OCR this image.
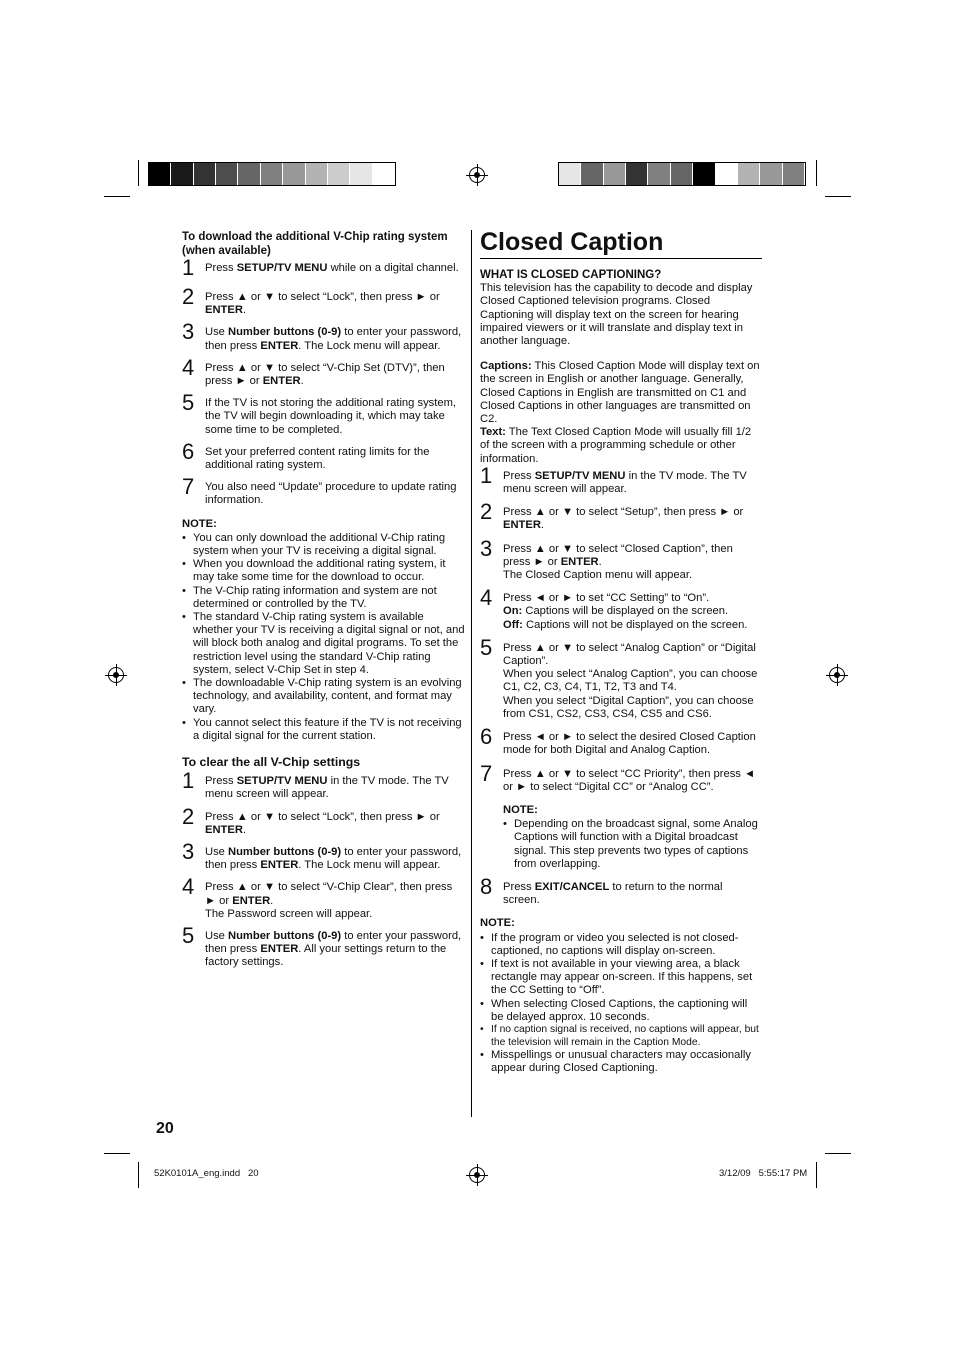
To download the additional V-Chip rating system (when available)
1 Press SETUP/TV MENU while on a digital channel.

2 Press ▲ or ▼ to select “Lock”, then press ► or ENTER.

3 Use Number buttons (0-9) to enter your password, then press ENTER. The Lock menu will appear.

4 Press ▲ or ▼ to select “V-Chip Set (DTV)”, then press ► or ENTER.

5 If the TV is not storing the additional rating system, the TV will begin downloading it, which may take some time to be completed.

6 Set your preferred content rating limits for the additional rating system.

7 You also need “Update” procedure to update rating information.

NOTE:
• You can only download the additional V-Chip rating system when your TV is receiving a digital signal.
• When you download the additional rating system, it may take some time for the download to occur.
• The V-Chip rating information and system are not determined or controlled by the TV.
• The standard V-Chip rating system is available whether your TV is receiving a digital signal or not, and will block both analog and digital programs. To set the restriction level using the standard V-Chip rating system, select V-Chip Set in step 4.
• The downloadable V-Chip rating system is an evolving technology, and availability, content, and format may vary.
• You cannot select this feature if the TV is not receiving a digital signal for the current station.
To clear the all V-Chip settings
1 Press SETUP/TV MENU in the TV mode. The TV menu screen will appear.

2 Press ▲ or ▼ to select “Lock”, then press ► or ENTER.

3 Use Number buttons (0-9) to enter your password, then press ENTER. The Lock menu will appear.

4 Press ▲ or ▼ to select “V-Chip Clear”, then press ► or ENTER.
The Password screen will appear.

5 Use Number buttons (0-9) to enter your password, then press ENTER. All your settings return to the factory settings.

Closed Caption
WHAT IS CLOSED CAPTIONING?

This television has the capability to decode and display Closed Captioned television programs. Closed Captioning will display text on the screen for hearing impaired viewers or it will translate and display text in another language.

Captions: This Closed Caption Mode will display text on the screen in English or another language. Generally, Closed Captions in English are transmitted on C1 and Closed Captions in other languages are transmitted on C2.

Text: The Text Closed Caption Mode will usually fill 1/2 of the screen with a programming schedule or other information.

1 Press SETUP/TV MENU in the TV mode. The TV menu screen will appear.

2 Press ▲ or ▼ to select “Setup”, then press ► or ENTER.

3 Press ▲ or ▼ to select “Closed Caption”, then press ► or ENTER.
The Closed Caption menu will appear.

4 Press ◄ or ► to set “CC Setting” to “On”.
On: Captions will be displayed on the screen.
Off: Captions will not be displayed on the screen.

5 Press ▲ or ▼ to select “Analog Caption” or “Digital Caption”.

When you select “Analog Caption”, you can choose C1, C2, C3, C4, T1, T2, T3 and T4.

When you select “Digital Caption”, you can choose from CS1, CS2, CS3, CS4, CS5 and CS6.

6 Press ◄ or ► to select the desired Closed Caption mode for both Digital and Analog Caption.

7 Press ▲ or ▼ to select “CC Priority”, then press ◄ or ► to select “Digital CC” or “Analog CC”.

NOTE:
• Depending on the broadcast signal, some Analog Captions will function with a Digital broadcast signal. This step prevents two types of captions from overlapping.
8 Press EXIT/CANCEL to return to the normal screen.

NOTE:
• If the program or video you selected is not closed-captioned, no captions will display on-screen.
• If text is not available in your viewing area, a black rectangle may appear on-screen. If this happens, set the CC Setting to “Off”.
• When selecting Closed Captions, the captioning will be delayed approx. 10 seconds.
• If no caption signal is received, no captions will appear, but the television will remain in the Caption Mode.
• Misspellings or unusual characters may occasionally appear during Closed Captioning.
20
52K0101A_eng.indd   20	3/12/09   5:55:17 PM
